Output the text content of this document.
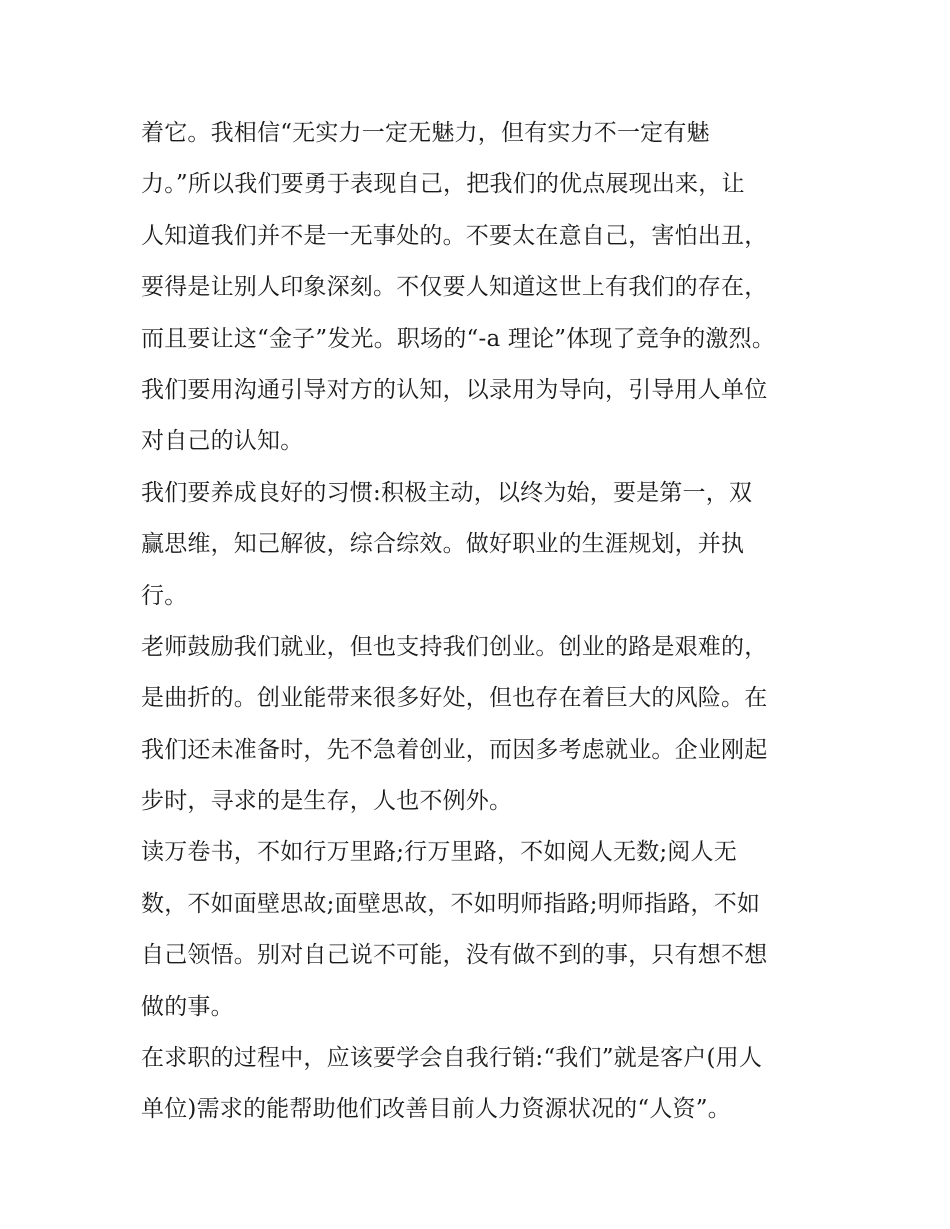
着它。我相信“无实力一定无魅力，但有实力不一定有魅
力。”所以我们要勇于表现自己，把我们的优点展现出来，让
人知道我们并不是一无事处的。不要太在意自己，害怕出丑，
要得是让别人印象深刻。不仅要人知道这世上有我们的存在，
而且要让这“金子”发光。职场的“-a 理论”体现了竞争的激烈。
我们要用沟通引导对方的认知，以录用为导向，引导用人单位
对自己的认知。
我们要养成良好的习惯:积极主动，以终为始，要是第一，双
赢思维，知己解彼，综合综效。做好职业的生涯规划，并执
行。
老师鼓励我们就业，但也支持我们创业。创业的路是艰难的，
是曲折的。创业能带来很多好处，但也存在着巨大的风险。在
我们还未准备时，先不急着创业，而因多考虑就业。企业刚起
步时，寻求的是生存，人也不例外。
读万卷书，不如行万里路;行万里路，不如阅人无数;阅人无
数，不如面壁思故;面壁思故，不如明师指路;明师指路，不如
自己领悟。别对自己说不可能，没有做不到的事，只有想不想
做的事。
在求职的过程中，应该要学会自我行销:“我们”就是客户(用人
单位)需求的能帮助他们改善目前人力资源状况的“人资”。
